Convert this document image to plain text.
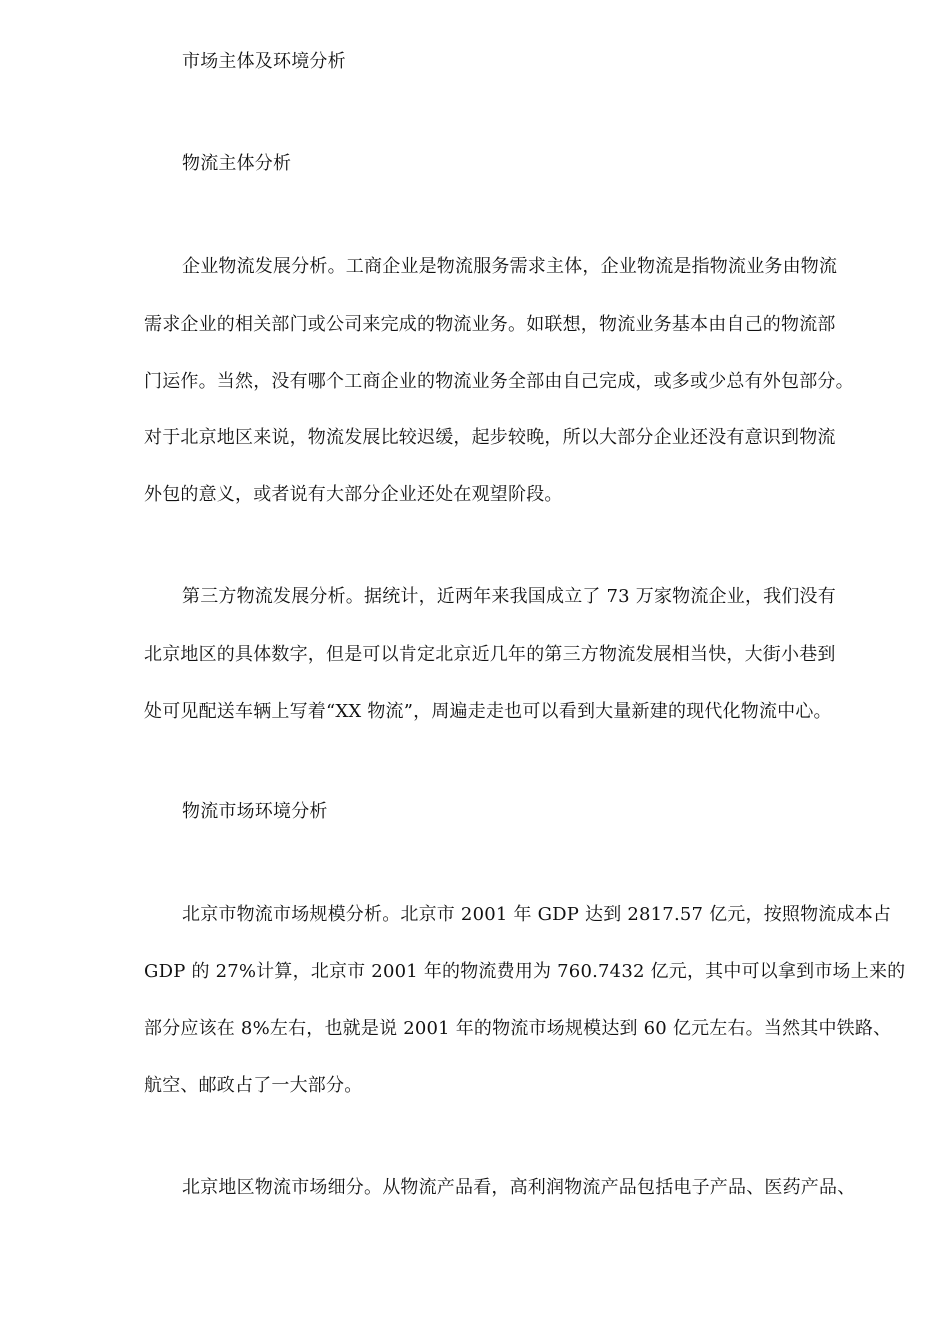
市场主体及环境分析
物流主体分析
企业物流发展分析。工商企业是物流服务需求主体，企业物流是指物流业务由物流
需求企业的相关部门或公司来完成的物流业务。如联想，物流业务基本由自己的物流部
门运作。当然，没有哪个工商企业的物流业务全部由自己完成，或多或少总有外包部分。
对于北京地区来说，物流发展比较迟缓，起步较晚，所以大部分企业还没有意识到物流
外包的意义，或者说有大部分企业还处在观望阶段。
第三方物流发展分析。据统计，近两年来我国成立了 73 万家物流企业，我们没有
北京地区的具体数字，但是可以肯定北京近几年的第三方物流发展相当快，大街小巷到
处可见配送车辆上写着“XX 物流”，周遍走走也可以看到大量新建的现代化物流中心。
物流市场环境分析
北京市物流市场规模分析。北京市 2001 年 GDP 达到 2817.57 亿元，按照物流成本占
GDP 的 27%计算，北京市 2001 年的物流费用为 760.7432 亿元，其中可以拿到市场上来的
部分应该在 8%左右，也就是说 2001 年的物流市场规模达到 60 亿元左右。当然其中铁路、
航空、邮政占了一大部分。
北京地区物流市场细分。从物流产品看，高利润物流产品包括电子产品、医药产品、
